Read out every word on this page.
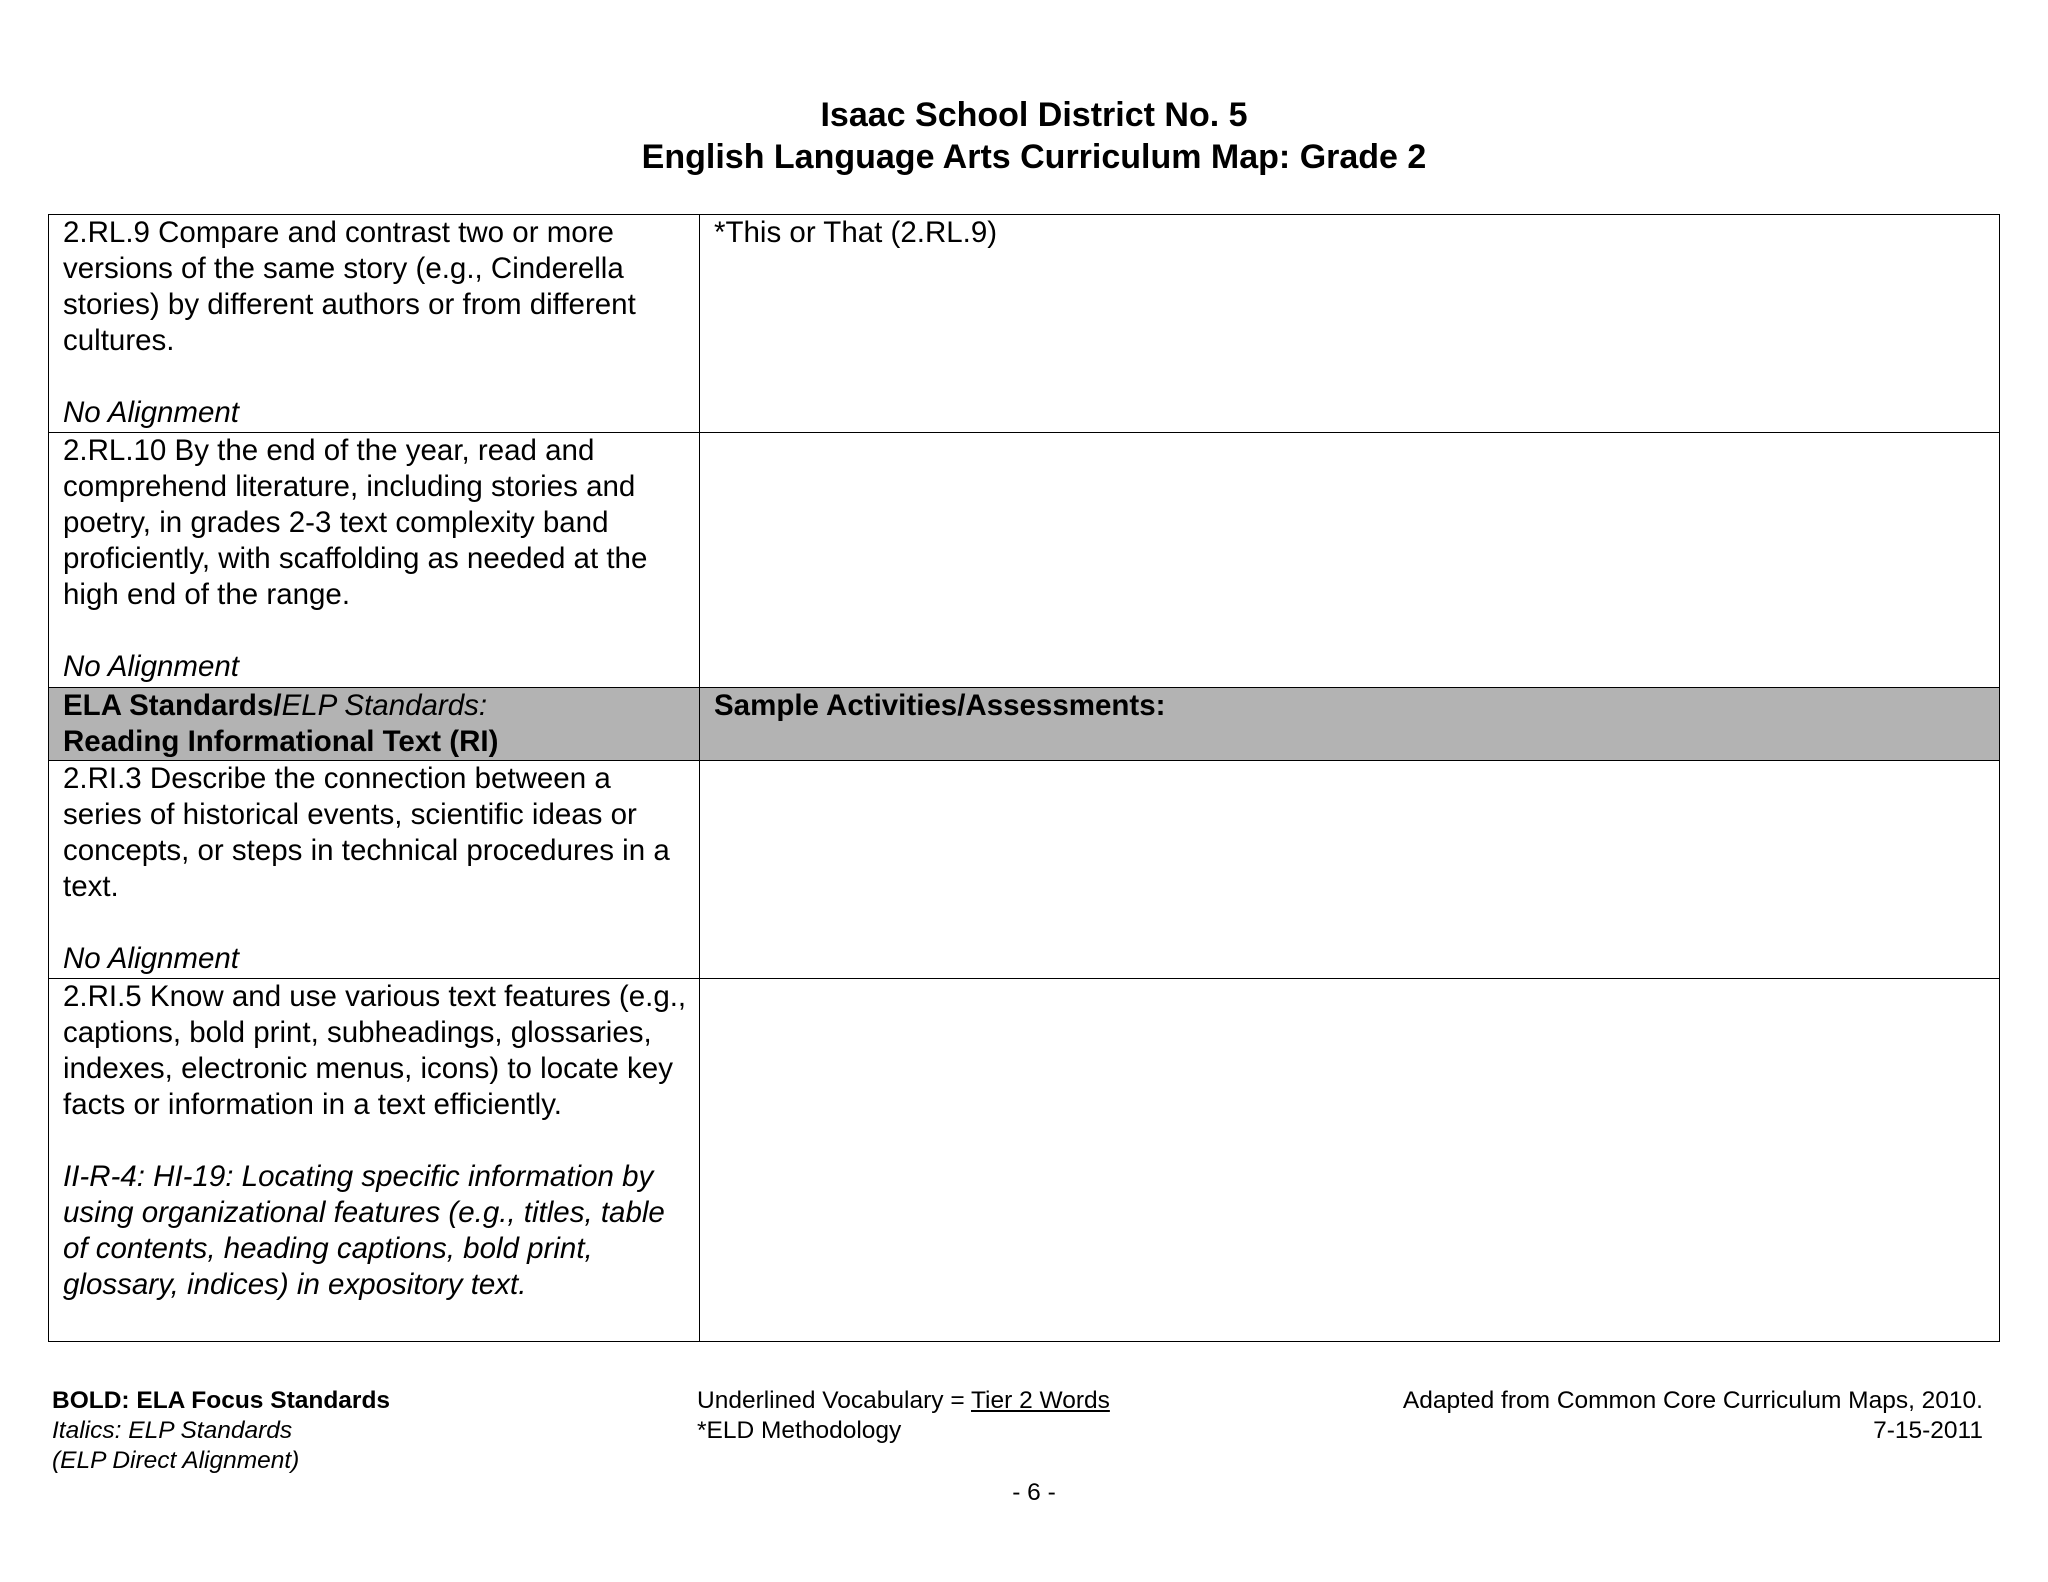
Isaac School District No. 5
English Language Arts Curriculum Map: Grade 2
2.RL.9 Compare and contrast two or more versions of the same story (e.g., Cinderella stories) by different authors or from different cultures.
No Alignment	*This or That (2.RL.9)

2.RL.10 By the end of the year, read and comprehend literature, including stories and poetry, in grades 2-3 text complexity band proficiently, with scaffolding as needed at the high end of the range.
No Alignment	

ELA Standards/ELP Standards:
Reading Informational Text (RI)	Sample Activities/Assessments:

2.RI.3 Describe the connection between a series of historical events, scientific ideas or concepts, or steps in technical procedures in a text.
No Alignment	

2.RI.5 Know and use various text features (e.g., captions, bold print, subheadings, glossaries, indexes, electronic menus, icons) to locate key facts or information in a text efficiently.
II-R-4: HI-19: Locating specific information by using organizational features (e.g., titles, table of contents, heading captions, bold print, glossary, indices) in expository text.	

BOLD: ELA Focus Standards
Italics: ELP Standards
(ELP Direct Alignment)
Underlined Vocabulary = Tier 2 Words
*ELD Methodology
Adapted from Common Core Curriculum Maps, 2010.
7-15-2011
- 6 -
